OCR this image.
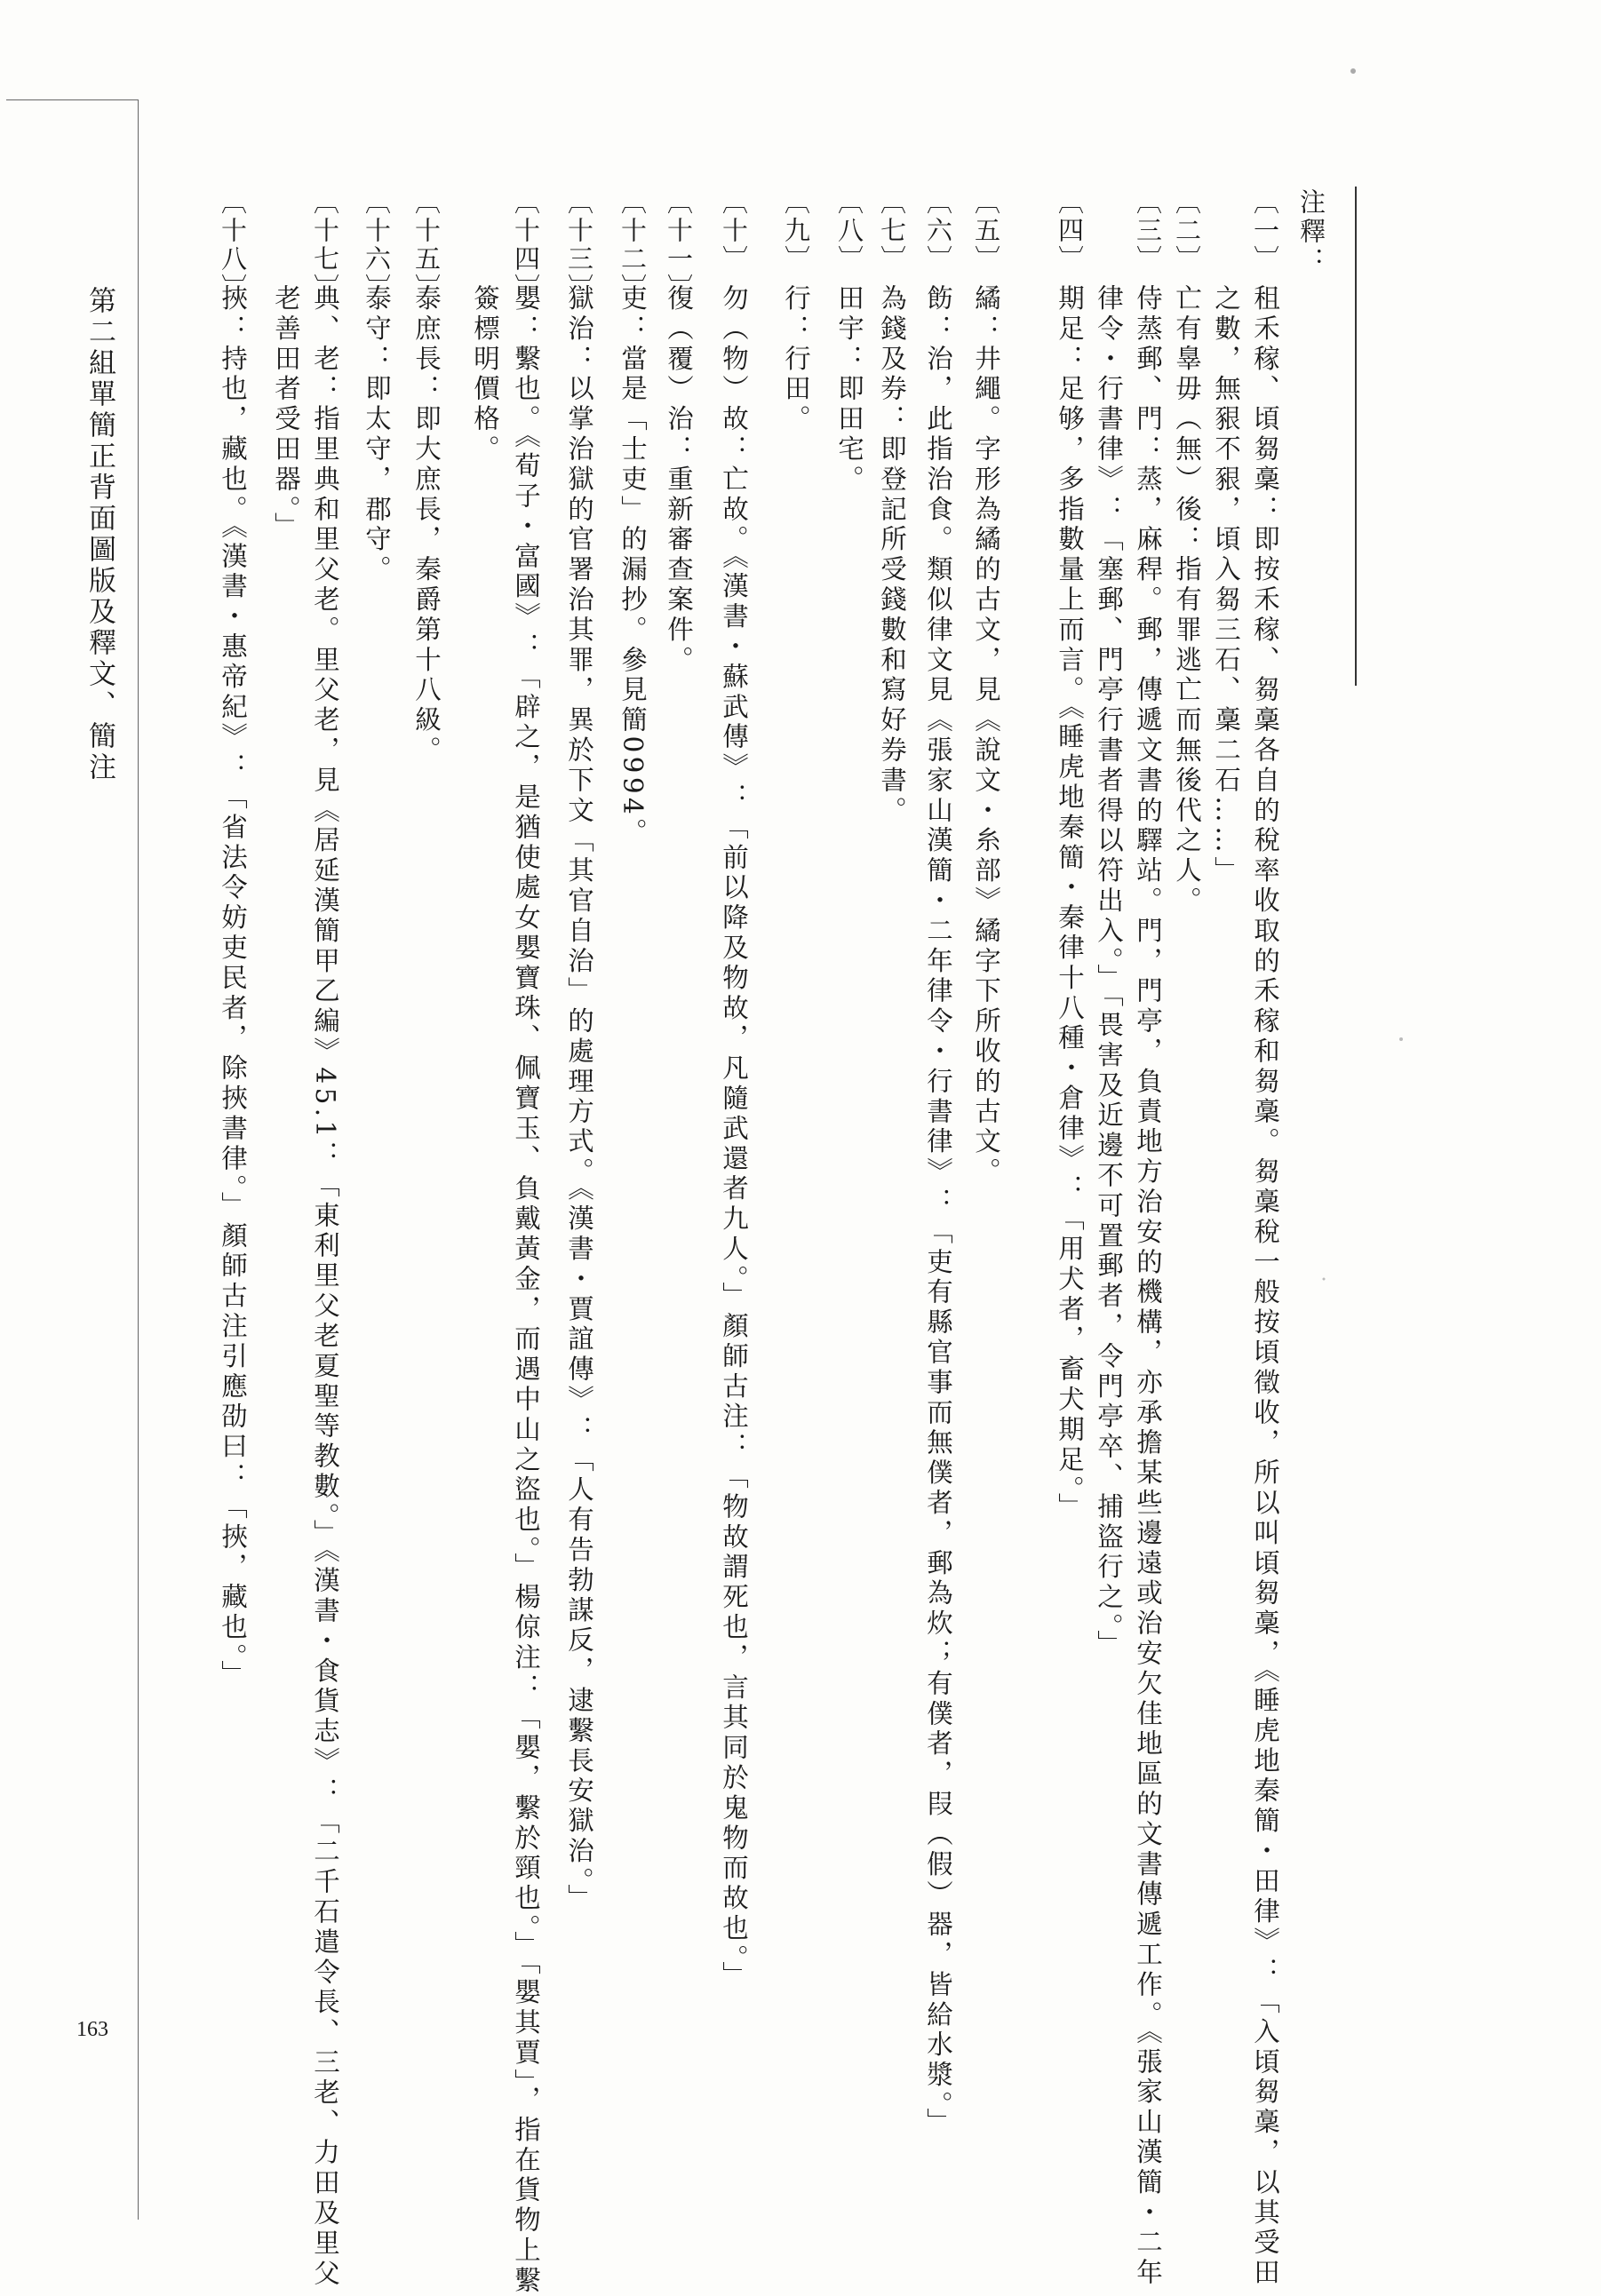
第二組單簡正背面圖版及釋文、簡注
163
注釋：
〔一〕
租禾稼、頃芻稾：即按禾稼、芻稾各自的稅率收取的禾稼和芻稾。芻稾稅一般按頃徵收，所以叫頃芻稾，《睡虎地秦簡・田律》：「入頃芻稾，以其受田
之數，無豤不豤，頃入芻三石、稾二石……」
〔二〕
亡有辠毋（無）後：指有罪逃亡而無後代之人。
〔三〕
侍蒸郵、門：蒸，麻稈。郵，傳遞文書的驛站。門，門亭，負責地方治安的機構，亦承擔某些邊遠或治安欠佳地區的文書傳遞工作。《張家山漢簡・二年
律令・行書律》：「塞郵、門亭行書者得以符出入。」「畏害及近邊不可置郵者，令門亭卒、捕盜行之。」
〔四〕
期足：足够，多指數量上而言。《睡虎地秦簡・秦律十八種・倉律》：「用犬者，畜犬期足。」
〔五〕
繘：井繩。字形為繘的古文，見《說文・糸部》繘字下所收的古文。
〔六〕
飭：治，此指治食。類似律文見《張家山漢簡・二年律令・行書律》：「吏有縣官事而無僕者，郵為炊；有僕者，叚（假）器，皆給水漿。」
〔七〕
為錢及券：即登記所受錢數和寫好券書。
〔八〕
田宇：即田宅。
〔九〕
行：行田。
〔十〕
勿（物）故：亡故。《漢書・蘇武傳》：「前以降及物故，凡隨武還者九人。」顏師古注：「物故謂死也，言其同於鬼物而故也。」
〔十一〕
復（覆）治：重新審查案件。
〔十二〕
吏：當是「士吏」的漏抄。參見簡0994。
〔十三〕
獄治：以掌治獄的官署治其罪，異於下文「其官自治」的處理方式。《漢書・賈誼傳》：「人有告勃謀反，逮繫長安獄治。」
〔十四〕
嬰：繫也。《荀子・富國》：「辟之，是猶使處女嬰寶珠、佩寶玉、負戴黃金，而遇中山之盜也。」楊倞注：「嬰，繫於頸也。」「嬰其賈」，指在貨物上繫
簽標明價格。
〔十五〕
泰庶長：即大庶長，秦爵第十八級。
〔十六〕
泰守：即太守，郡守。
〔十七〕
典、老：指里典和里父老。里父老，見《居延漢簡甲乙編》45.1：「東利里父老夏聖等教數。」《漢書・食貨志》：「二千石遣令長、三老、力田及里父
老善田者受田器。」
〔十八〕
挾：持也，藏也。《漢書・惠帝紀》：「省法令妨吏民者，除挾書律。」顏師古注引應劭曰：「挾，藏也。」
